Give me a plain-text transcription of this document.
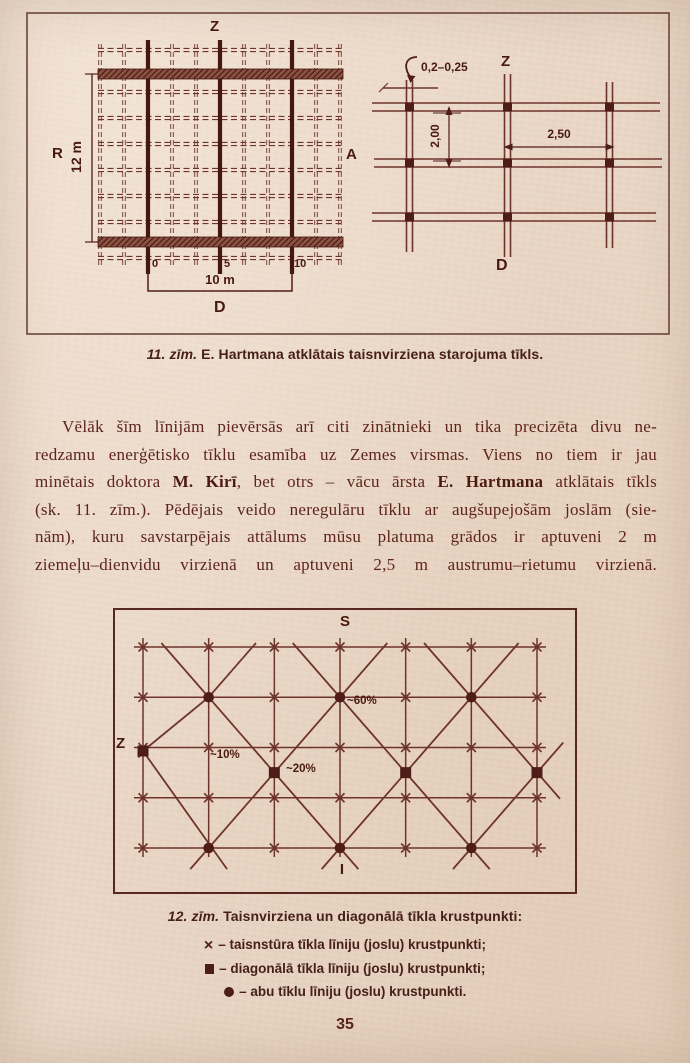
Z
R 12 m	A
D
0	5	10
10 m
0,2–0,25 Z
2,00	2,50
D
11. zīm. E. Hartmana atklātais taisnvirziena starojuma tīkls.
Vēlāk šīm līnijām pievērsās arī citi zinātnieki un tika precizēta divu ne-
redzamu enerģētisko tīklu esamība uz Zemes virsmas. Viens no tiem ir jau
minētais doktora M. Kirī, bet otrs – vācu ārsta E. Hartmana atklātais tīkls
(sk. 11. zīm.). Pēdējais veido neregulāru tīklu ar augšupejošām joslām (sie-
nām), kuru savstarpējais attālums mūsu platuma grādos ir aptuveni 2 m
ziemeļu–dienvidu virzienā un aptuveni 2,5 m austrumu–rietumu virzienā.
S
Z
I
12. zīm. Taisnvirziena un diagonālā tīkla krustpunkti:
× – taisnstūra tīkla līniju (joslu) krustpunkti;
– diagonālā tīkla līniju (joslu) krustpunkti;
– abu tīklu līniju (joslu) krustpunkti.
35
~60%
~10%
~20%
